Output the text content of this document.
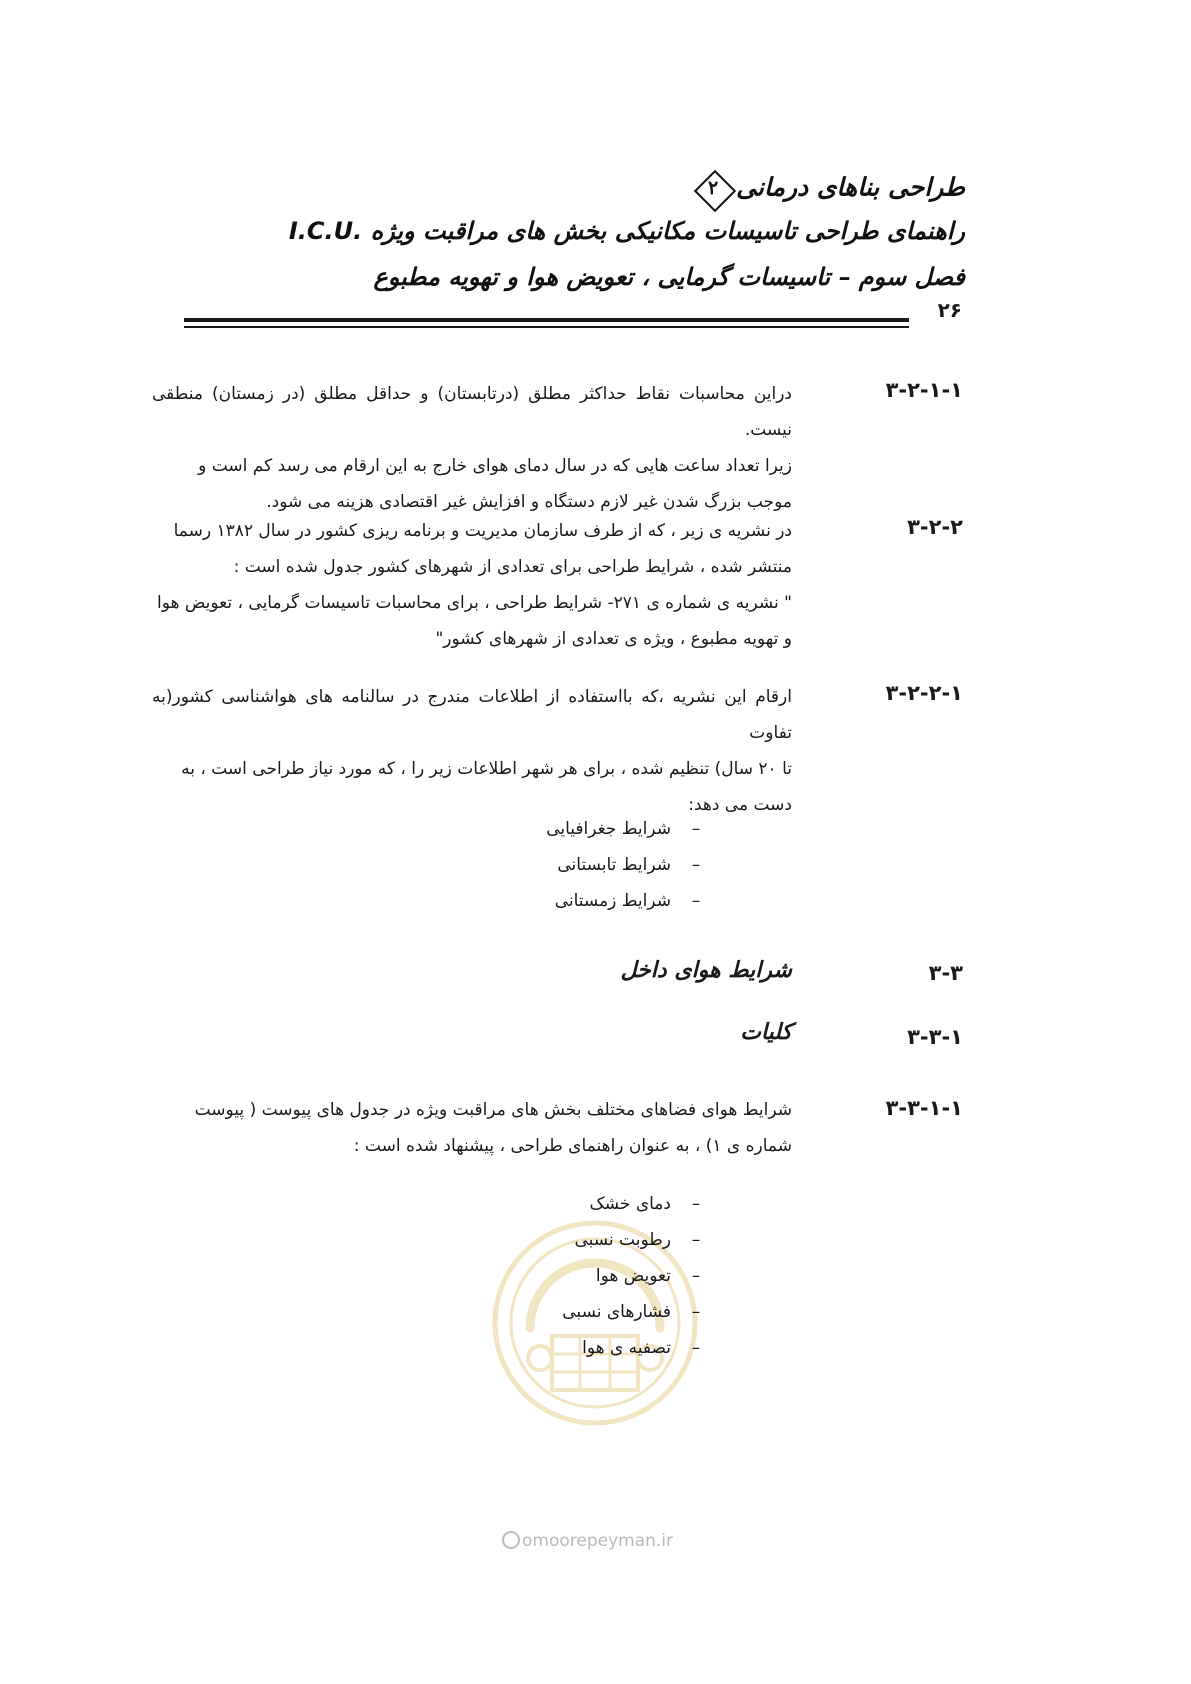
طراحی بناهای درمانی
۲
راهنمای طراحی تاسیسات مکانیکی بخش های مراقبت ویژه I.C.U.
فصل سوم – تاسیسات گرمایی ، تعویض هوا و تهویه مطبوع
۲۶
۳-۲-۱-۱

دراین محاسبات نقاط حداکثر مطلق (درتابستان) و حداقل مطلق (در زمستان) منطقی نیست.

زیرا تعداد ساعت هایی که در سال دمای هوای خارج به این ارقام می رسد کم است و

موجب بزرگ شدن غیر لازم دستگاه و افزایش غیر اقتصادی هزینه می شود.

۳-۲-۲

در نشریه ی زیر ، که از طرف سازمان مدیریت و برنامه ریزی کشور در سال ۱۳۸۲ رسما

منتشر شده ، شرایط طراحی برای تعدادی از شهرهای کشور جدول شده است :

" نشریه ی شماره ی ۲۷۱- شرایط طراحی ، برای محاسبات تاسیسات گرمایی ، تعویض هوا

و تهویه مطبوع ، ویژه ی تعدادی از شهرهای کشور"

۳-۲-۲-۱

ارقام این نشریه ،که بااستفاده از اطلاعات مندرج در سالنامه های هواشناسی کشور(به تفاوت

تا ۲۰ سال) تنظیم شده ، برای هر شهر اطلاعات زیر را ، که مورد نیاز طراحی است ، به

دست می دهد:

–شرایط جغرافیایی
–شرایط تابستانی
–شرایط زمستانی
۳-۳
شرایط هوای داخل
۳-۳-۱
کلیات
۳-۳-۱-۱

شرایط هوای فضاهای مختلف بخش های مراقبت ویژه در جدول های پیوست ( پیوست

شماره ی ۱) ، به عنوان راهنمای طراحی ، پیشنهاد شده است :

–دمای خشک
–رطوبت نسبی
–تعویض هوا
–فشارهای نسبی
–تصفیه ی هوا
omoorepeyman.ir
